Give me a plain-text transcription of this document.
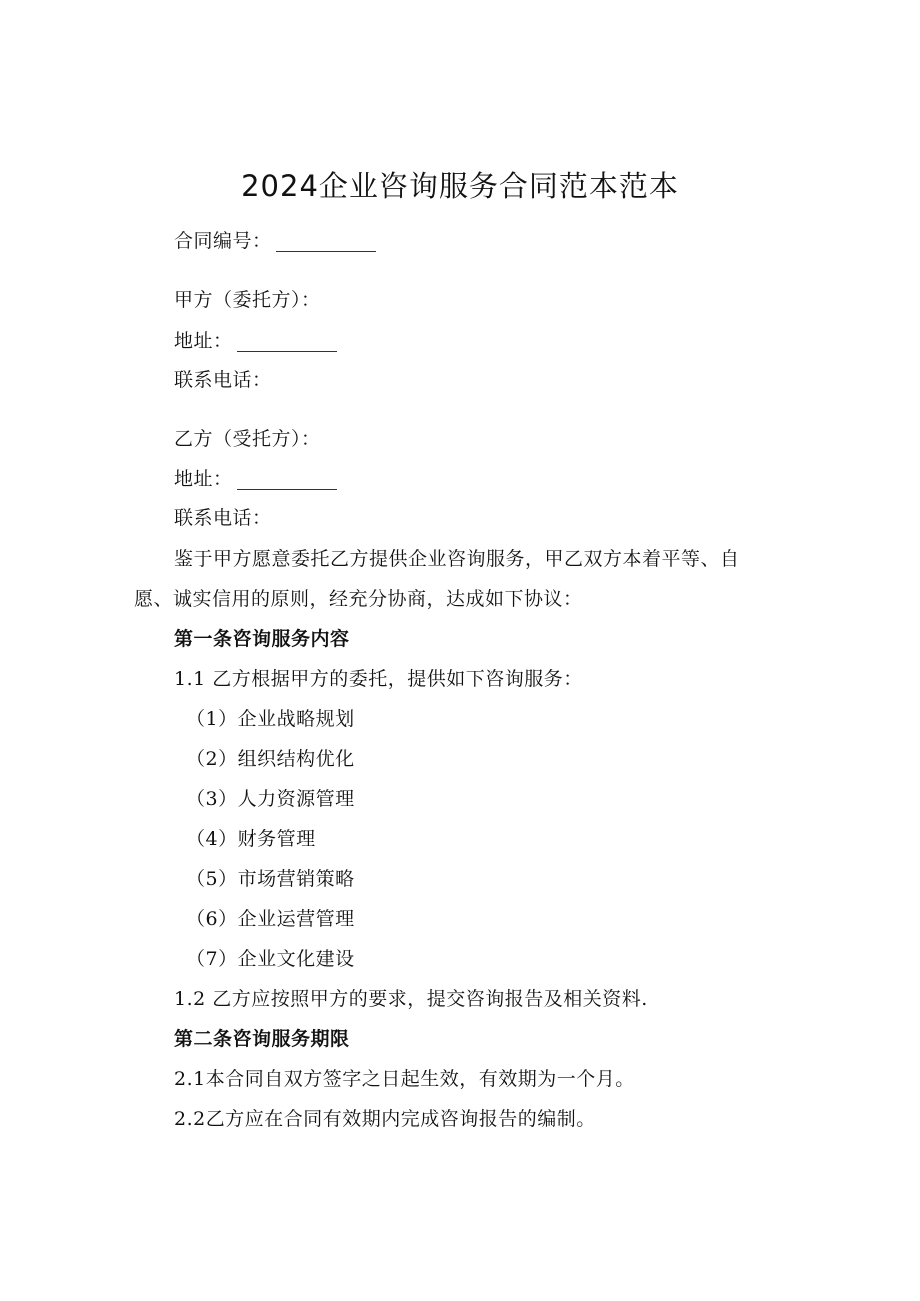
2024企业咨询服务合同范本范本
合同编号：
甲方（委托方）：
地址：
联系电话：
乙方（受托方）：
地址：
联系电话：
鉴于甲方愿意委托乙方提供企业咨询服务，甲乙双方本着平等、自
愿、诚实信用的原则，经充分协商，达成如下协议：
第一条咨询服务内容
1.1 乙方根据甲方的委托，提供如下咨询服务：
（1）企业战略规划
（2）组织结构优化
（3）人力资源管理
（4）财务管理
（5）市场营销策略
（6）企业运营管理
（7）企业文化建设
1.2 乙方应按照甲方的要求，提交咨询报告及相关资料.
第二条咨询服务期限
2.1本合同自双方签字之日起生效，有效期为一个月。
2.2乙方应在合同有效期内完成咨询报告的编制。
